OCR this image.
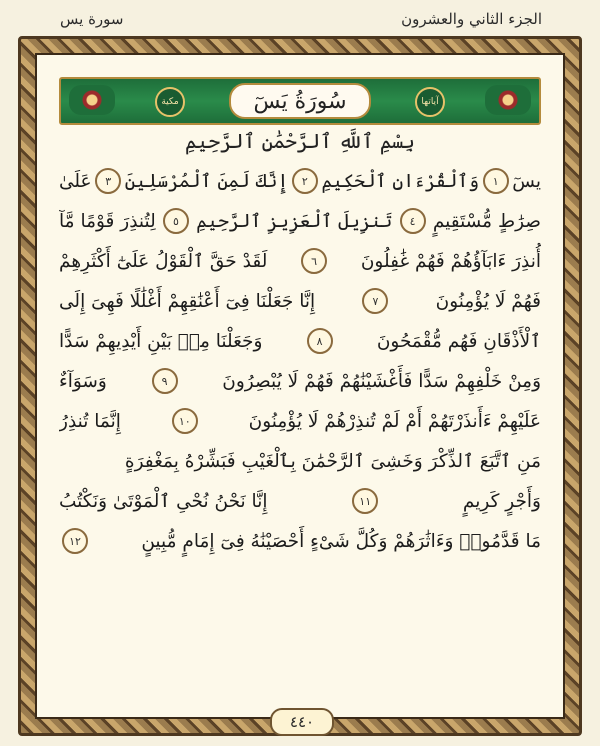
الجزء الثاني والعشرون
سورة يس
مكية	سُورَةُ يَسٓ	آياتها
بِسْمِ ٱللَّهِ ٱلرَّحْمَٰنِ ٱلرَّحِيمِ
يسٓ
١
وَٱلْقُرْءَانِ ٱلْحَكِيمِ
٢
إِنَّكَ لَمِنَ ٱلْمُرْسَلِينَ
٣
عَلَىٰ
صِرَٰطٍ مُّسْتَقِيمٍ
٤
تَنزِيلَ ٱلْعَزِيزِ ٱلرَّحِيمِ
٥
لِتُنذِرَ قَوْمًا مَّآ
أُنذِرَ ءَابَآؤُهُمْ فَهُمْ غَٰفِلُونَ
٦
لَقَدْ حَقَّ ٱلْقَوْلُ عَلَىٰٓ أَكْثَرِهِمْ
فَهُمْ لَا يُؤْمِنُونَ
٧
إِنَّا جَعَلْنَا فِىٓ أَعْنَٰقِهِمْ أَغْلَٰلًا فَهِىَ إِلَى
ٱلْأَذْقَانِ فَهُم مُّقْمَحُونَ
٨
وَجَعَلْنَا مِنۢ بَيْنِ أَيْدِيهِمْ سَدًّا
وَمِنْ خَلْفِهِمْ سَدًّا فَأَغْشَيْنَٰهُمْ فَهُمْ لَا يُبْصِرُونَ
٩
وَسَوَآءٌ
عَلَيْهِمْ ءَأَنذَرْتَهُمْ أَمْ لَمْ تُنذِرْهُمْ لَا يُؤْمِنُونَ
١٠
إِنَّمَا تُنذِرُ
مَنِ ٱتَّبَعَ ٱلذِّكْرَ وَخَشِىَ ٱلرَّحْمَٰنَ بِٱلْغَيْبِ فَبَشِّرْهُ بِمَغْفِرَةٍ
وَأَجْرٍ كَرِيمٍ
١١
إِنَّا نَحْنُ نُحْىِ ٱلْمَوْتَىٰ وَنَكْتُبُ
مَا قَدَّمُوا۟ وَءَاثَٰرَهُمْ وَكُلَّ شَىْءٍ أَحْصَيْنَٰهُ فِىٓ إِمَامٍ مُّبِينٍ
١٢
٤٤٠
